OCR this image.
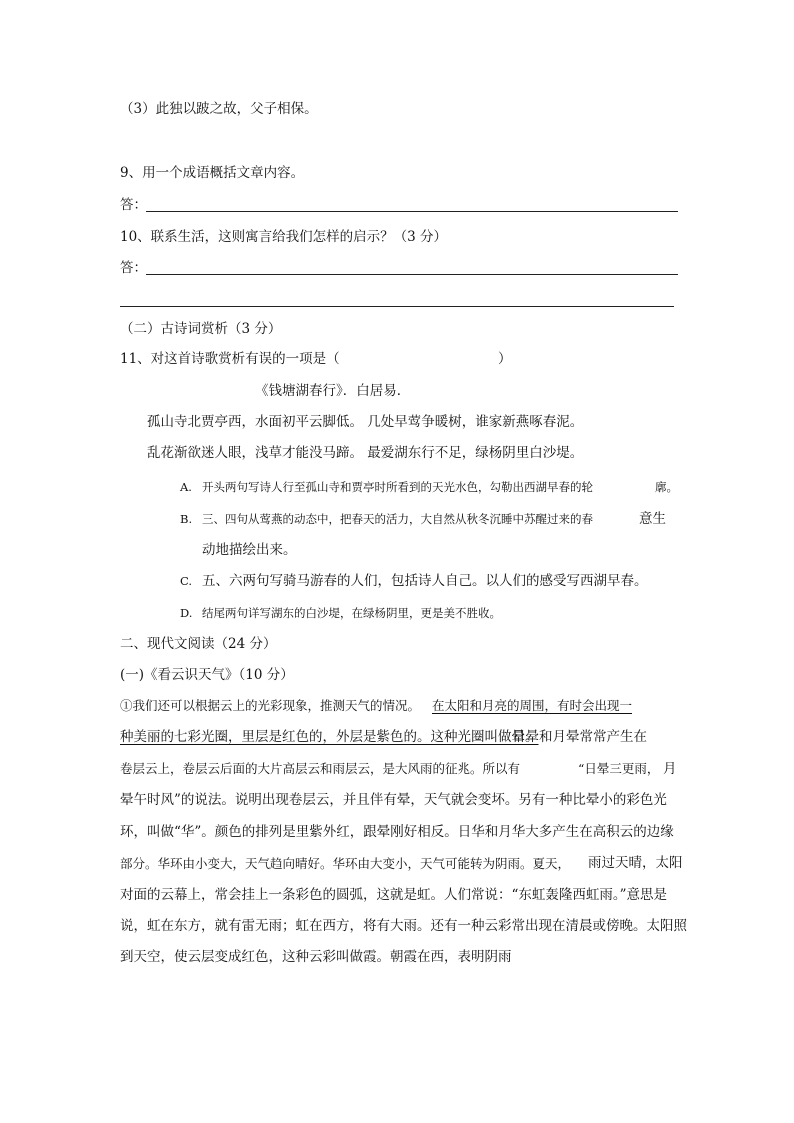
（3）此独以跛之故，父子相保。
9、用一个成语概括文章内容。
答：
10、联系生活，这则寓言给我们怎样的启示？（3 分）
答：
（二）古诗词赏析（3 分）
11、对这首诗歌赏析有误的一项是（	）
《钱塘湖春行》．白居易．
孤山寺北贾亭西，水面初平云脚低。 几处早莺争暖树，谁家新燕啄春泥。
乱花渐欲迷人眼，浅草才能没马蹄。 最爱湖东行不足，绿杨阴里白沙堤。
A. 开头两句写诗人行至孤山寺和贾亭时所看到的天光水色，勾勒出西湖早春的轮	廓。
B. 三、四句从莺燕的动态中，把春天的活力，大自然从秋冬沉睡中苏醒过来的春	意生
动地描绘出来。
C. 五、六两句写骑马游春的人们，包括诗人自己。以人们的感受写西湖早春。
D. 结尾两句详写湖东的白沙堤，在绿杨阴里，更是美不胜收。
二、现代文阅读（24 分）
(一)《看云识天气》（10 分）
①我们还可以根据云上的光彩现象，推测天气的情况。 在太阳和月亮的周围，有时会出现一
种美丽的七彩光圈，里层是红色的，外层是紫色的。这种光圈叫做晕。
日晕和月晕常常产生在
卷层云上，卷层云后面的大片高层云和雨层云，是大风雨的征兆。所以有	“日晕三更雨， 月
晕午时风”的说法。说明出现卷层云，并且伴有晕，天气就会变坏。另有一种比晕小的彩色光
环，叫做“华”。颜色的排列是里紫外红，跟晕刚好相反。日华和月华大多产生在高积云的边缘
部分。华环由小变大，天气趋向晴好。华环由大变小，天气可能转为阴雨。夏天， 雨过天晴，太阳
对面的云幕上，常会挂上一条彩色的圆弧，这就是虹。人们常说：“东虹轰隆西虹雨。”意思是
说，虹在东方，就有雷无雨；虹在西方，将有大雨。还有一种云彩常出现在清晨或傍晚。太阳照
到天空，使云层变成红色，这种云彩叫做霞。朝霞在西，表明阴雨
